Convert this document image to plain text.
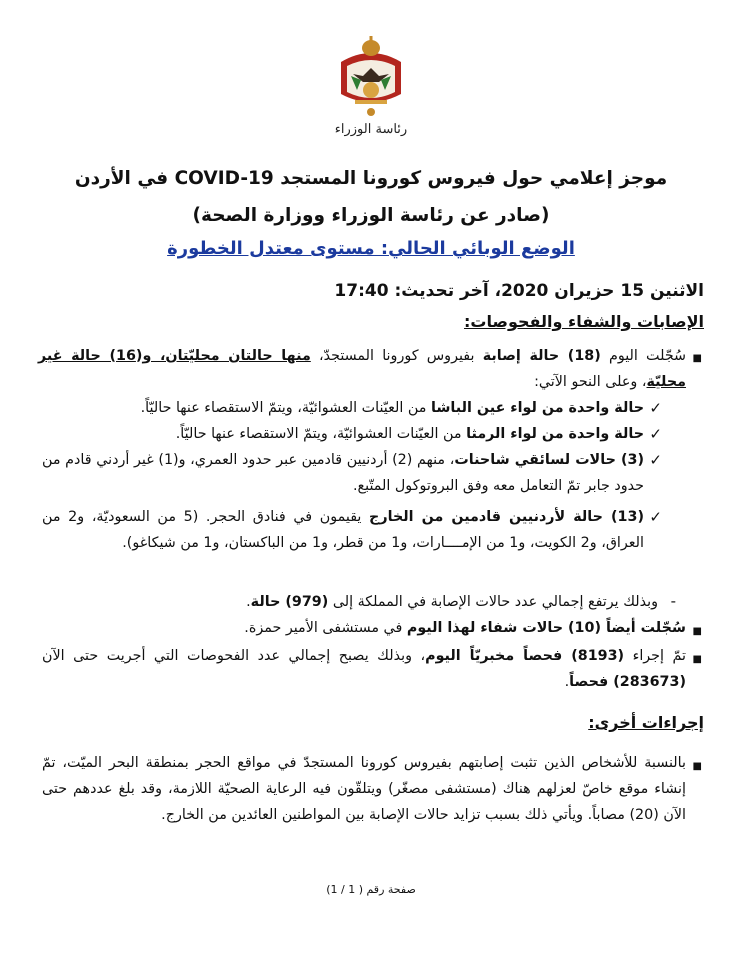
رئاسة الوزراء
موجز إعلامي حول فيروس كورونا المستجد COVID-19 في الأردن
(صادر عن رئاسة الوزراء ووزارة الصحة)
الوضع الوبائي الحالي: مستوى معتدل الخطورة
الاثنين 15 حزيران 2020، آخر تحديث: 17:40
الإصابات والشفاء والفحوصات:
■
سُجّلت اليوم (18) حالة إصابة بفيروس كورونا المستجدّ، منها حالتان محليّتان، و(16) حالة غير محليّة، وعلى النحو الآتي:
✓
حالة واحدة من لواء عين الباشا من العيّنات العشوائيّة، ويتمّ الاستقصاء عنها حاليّاً.
✓
حالة واحدة من لواء الرمثا من العيّنات العشوائيّة، ويتمّ الاستقصاء عنها حاليّاً.
✓
(3) حالات لسائقي شاحنات، منهم (2) أردنيين قادمين عبر حدود العمري، و(1) غير أردني قادم من حدود جابر تمّ التعامل معه وفق البروتوكول المتّبع.
✓
(13) حالة لأردنيين قادمين من الخارج يقيمون في فنادق الحجر. (5 من السعوديّة، و2 من العراق، و2 الكويت، و1 من الإمــــارات، و1 من قطر، و1 من الباكستان، و1 من شيكاغو).
-
وبذلك يرتفع إجمالي عدد حالات الإصابة في المملكة إلى (979) حالة.
■
سُجّلت أيضاً (10) حالات شفاء لهذا اليوم في مستشفى الأمير حمزة.
■
تمّ إجراء (8193) فحصاً مخبريّاً اليوم، وبذلك يصبح إجمالي عدد الفحوصات التي أجريت حتى الآن (283673) فحصاً.
إجراءات أخرى:
■
بالنسبة للأشخاص الذين تثبت إصابتهم بفيروس كورونا المستجدّ في مواقع الحجر بمنطقة البحر الميّت، تمّ إنشاء موقع خاصّ لعزلهم هناك (مستشفى مصغّر) ويتلقّون فيه الرعاية الصحيّة اللازمة، وقد بلغ عددهم حتى الآن (20) مصاباً. ويأتي ذلك بسبب تزايد حالات الإصابة بين المواطنين العائدين من الخارج.
صفحة رقم ( 1 / 1)
